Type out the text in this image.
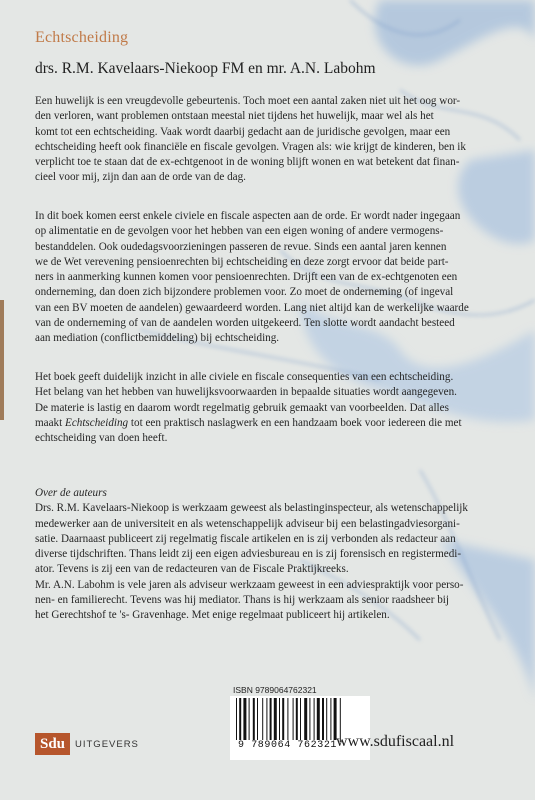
Echtscheiding
drs. R.M. Kavelaars-Niekoop FM en mr. A.N. Labohm

Een huwelijk is een vreugdevolle gebeurtenis. Toch moet een aantal zaken niet uit het oog wor-
den verloren, want problemen ontstaan meestal niet tijdens het huwelijk, maar wel als het
komt tot een echtscheiding. Vaak wordt daarbij gedacht aan de juridische gevolgen, maar een
echtscheiding heeft ook financiële en fiscale gevolgen. Vragen als: wie krijgt de kinderen, ben ik
verplicht toe te staan dat de ex-echtgenoot in de woning blijft wonen en wat betekent dat finan-
cieel voor mij, zijn dan aan de orde van de dag.

In dit boek komen eerst enkele civiele en fiscale aspecten aan de orde. Er wordt nader ingegaan
op alimentatie en de gevolgen voor het hebben van een eigen woning of andere vermogens-
bestanddelen. Ook oudedagsvoorzieningen passeren de revue. Sinds een aantal jaren kennen
we de Wet verevening pensioenrechten bij echtscheiding en deze zorgt ervoor dat beide part-
ners in aanmerking kunnen komen voor pensioenrechten. Drijft een van de ex-echtgenoten een
onderneming, dan doen zich bijzondere problemen voor. Zo moet de onderneming (of ingeval
van een BV moeten de aandelen) gewaardeerd worden. Lang niet altijd kan de werkelijke waarde
van de onderneming of van de aandelen worden uitgekeerd. Ten slotte wordt aandacht besteed
aan mediation (conflictbemiddeling) bij echtscheiding.

Het boek geeft duidelijk inzicht in alle civiele en fiscale consequenties van een echtscheiding.
Het belang van het hebben van huwelijksvoorwaarden in bepaalde situaties wordt aangegeven.
De materie is lastig en daarom wordt regelmatig gebruik gemaakt van voorbeelden. Dat alles
maakt Echtscheiding tot een praktisch naslagwerk en een handzaam boek voor iedereen die met
echtscheiding van doen heeft.

Over de auteurs
Drs. R.M. Kavelaars-Niekoop is werkzaam geweest als belastinginspecteur, als wetenschappelijk
medewerker aan de universiteit en als wetenschappelijk adviseur bij een belastingadviesorgani-
satie. Daarnaast publiceert zij regelmatig fiscale artikelen en is zij verbonden als redacteur aan
diverse tijdschriften. Thans leidt zij een eigen adviesbureau en is zij forensisch en registermedi-
ator. Tevens is zij een van de redacteuren van de Fiscale Praktijkreeks.
Mr. A.N. Labohm is vele jaren als adviseur werkzaam geweest in een adviespraktijk voor perso-
nen- en familierecht. Tevens was hij mediator. Thans is hij werkzaam als senior raadsheer bij
het Gerechtshof te 's- Gravenhage. Met enige regelmaat publiceert hij artikelen.

ISBN 9789064762321
9 789064 762321
Sdu	UITGEVERS	www.sdufiscaal.nl
